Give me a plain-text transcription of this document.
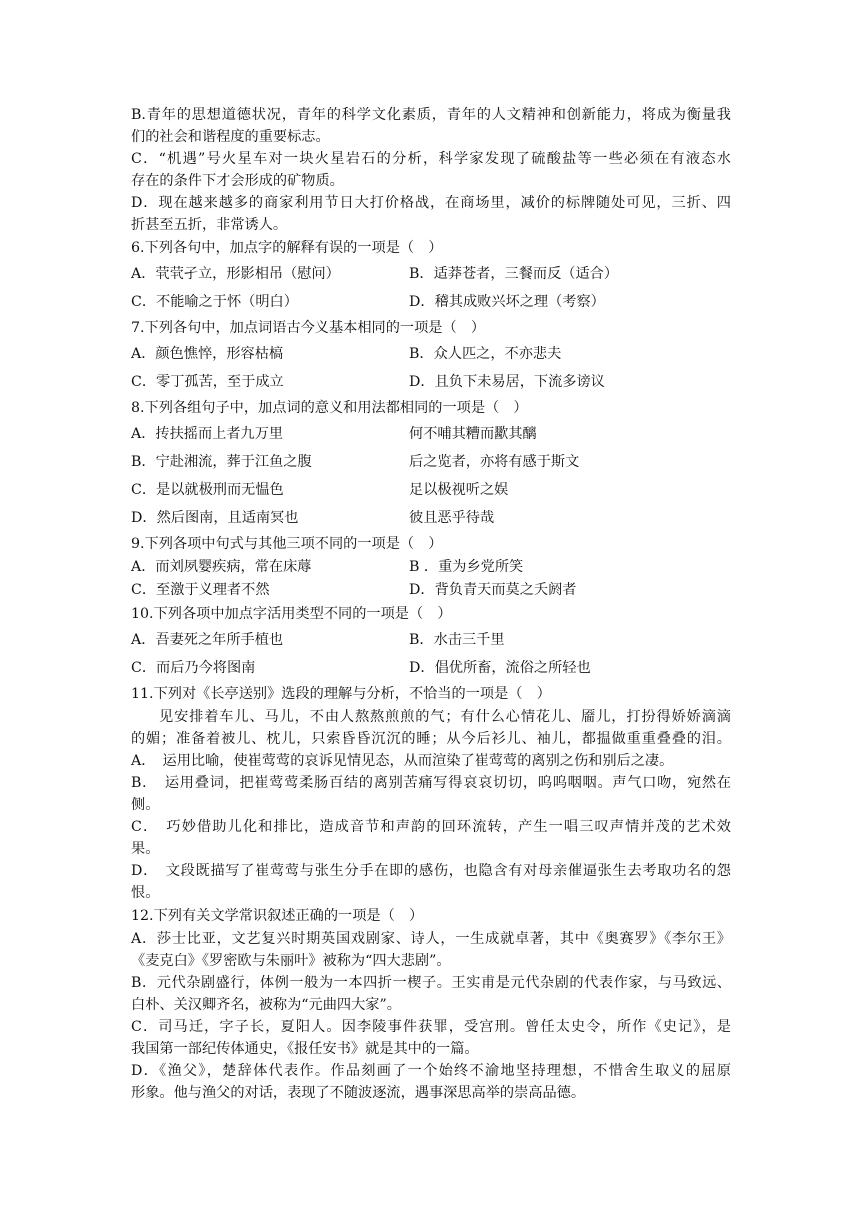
B.青年的思想道德状况，青年的科学文化素质，青年的人文精神和创新能力，将成为衡量我
们的社会和谐程度的重要标志。
C．“机遇”号火星车对一块火星岩石的分析，科学家发现了硫酸盐等一些必须在有液态水
存在的条件下才会形成的矿物质。
D．现在越来越多的商家利用节日大打价格战，在商场里，减价的标牌随处可见，三折、四
折甚至五折，非常诱人。
6.下列各句中，加点字的解释有误的一项是（　）
A．茕茕孑立，形影相吊（慰问）	B．适莽苍者，三餐而反（适合）
C．不能喻之于怀（明白）	D．稽其成败兴坏之理（考察）
7.下列各句中，加点词语古今义基本相同的一项是（　）
A．颜色憔悴，形容枯槁	B．众人匹之，不亦悲夫
C．零丁孤苦，至于成立	D．且负下未易居，下流多谤议
8.下列各组句子中，加点词的意义和用法都相同的一项是（　）
A．抟扶摇而上者九万里	何不哺其糟而歠其醨
B．宁赴湘流，葬于江鱼之腹	后之览者，亦将有感于斯文
C．是以就极刑而无愠色	足以极视听之娱
D．然后图南，且适南冥也	彼且恶乎待哉
9.下列各项中句式与其他三项不同的一项是（　）
A．而刘夙婴疾病，常在床蓐	B ．重为乡党所笑
C．至激于义理者不然	D．背负青天而莫之夭阏者
10.下列各项中加点字活用类型不同的一项是（　）
A．吾妻死之年所手植也	B．水击三千里
C．而后乃今将图南	D．倡优所畜，流俗之所轻也
11.下列对《长亭送别》选段的理解与分析，不恰当的一项是（　）
见安排着车儿、马儿，不由人熬熬煎煎的气；有什么心情花儿、靥儿，打扮得娇娇滴滴
的媚；准备着被儿、枕儿，只索昏昏沉沉的睡；从今后衫儿、袖儿，都揾做重重叠叠的泪。
A．　运用比喻，使崔莺莺的哀诉见情见态，从而渲染了崔莺莺的离别之伤和别后之凄。
B．　运用叠词，把崔莺莺柔肠百结的离别苦痛写得哀哀切切，呜呜咽咽。声气口吻，宛然在
侧。
C．　巧妙借助儿化和排比，造成音节和声韵的回环流转，产生一唱三叹声情并茂的艺术效
果。
D．　文段既描写了崔莺莺与张生分手在即的感伤，也隐含有对母亲催逼张生去考取功名的怨
恨。
12.下列有关文学常识叙述正确的一项是（　）
A．莎士比亚，文艺复兴时期英国戏剧家、诗人，一生成就卓著，其中《奥赛罗》《李尔王》
《麦克白》《罗密欧与朱丽叶》被称为“四大悲剧”。
B．元代杂剧盛行，体例一般为一本四折一楔子。王实甫是元代杂剧的代表作家，与马致远、
白朴、关汉卿齐名，被称为“元曲四大家”。
C．司马迁，字子长，夏阳人。因李陵事件获罪，受宫刑。曾任太史令，所作《史记》，是
我国第一部纪传体通史，《报任安书》就是其中的一篇。
D．《渔父》，楚辞体代表作。作品刻画了一个始终不渝地坚持理想，不惜舍生取义的屈原
形象。他与渔父的对话，表现了不随波逐流，遇事深思高举的崇高品德。
